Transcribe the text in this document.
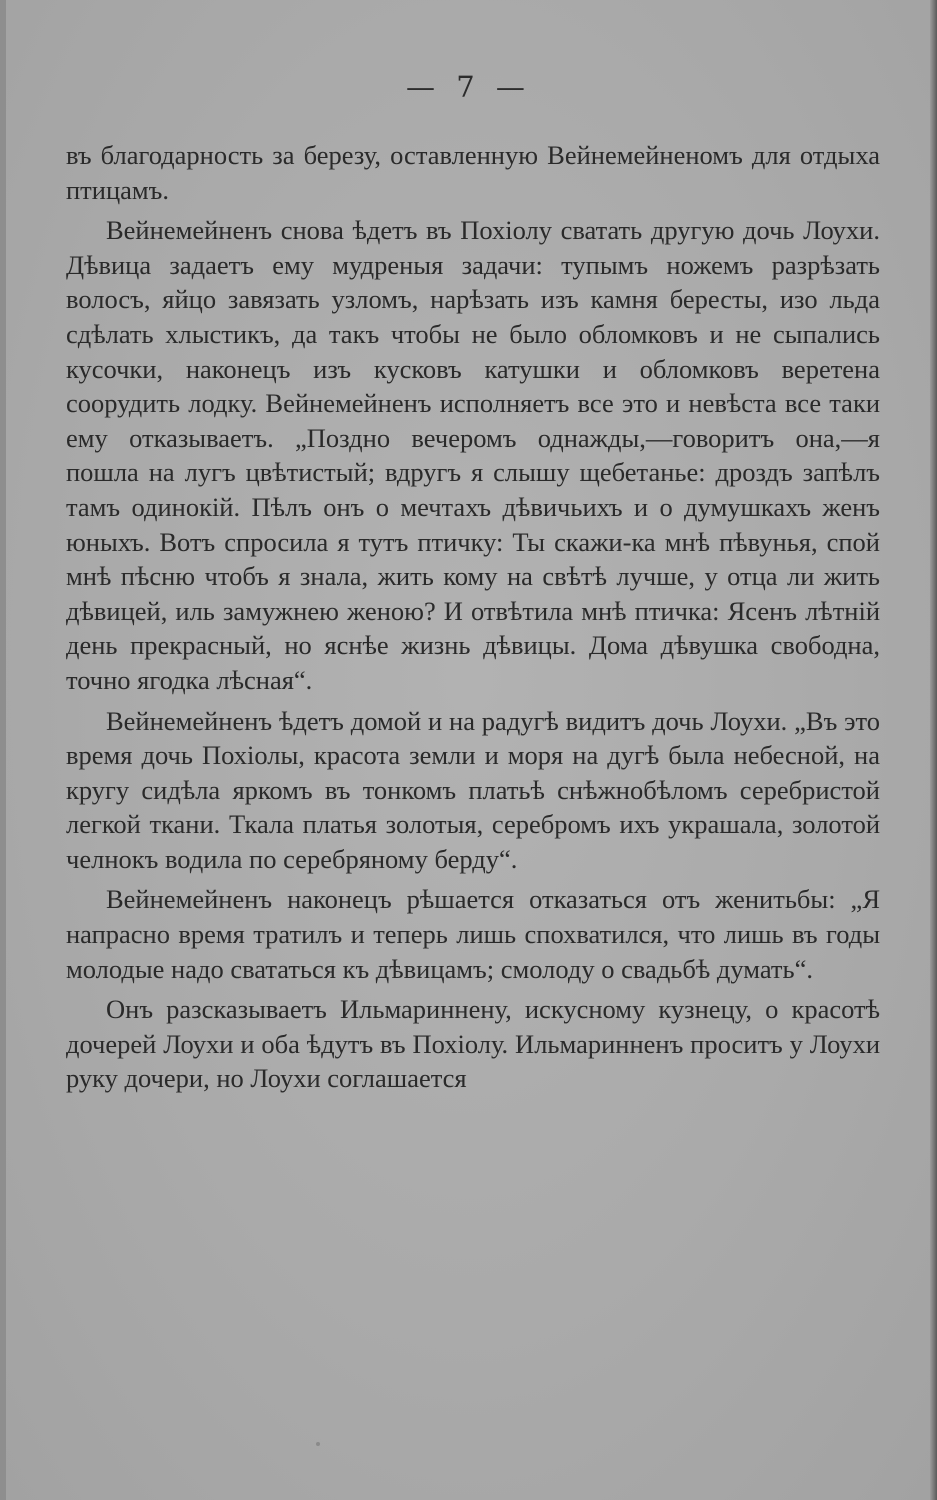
— 7 —

въ благодарность за березу, оставленную Вейнемейненомъ для отдыха птицамъ.

Вейнемейненъ снова ѣдетъ въ Похіолу сватать другую дочь Лоухи. Дѣвица задаетъ ему мудреныя задачи: тупымъ ножемъ разрѣзать волосъ, яйцо завязать узломъ, нарѣзать изъ камня бересты, изо льда сдѣлать хлыстикъ, да такъ чтобы не было обломковъ и не сыпались кусочки, наконецъ изъ кусковъ катушки и обломковъ веретена соорудить лодку. Вейнемейненъ исполняетъ все это и невѣста все таки ему отказываетъ. „Поздно вечеромъ однажды,—говоритъ она,—я пошла на лугъ цвѣтистый; вдругъ я слышу щебетанье: дроздъ запѣлъ тамъ одинокій. Пѣлъ онъ о мечтахъ дѣвичьихъ и о думушкахъ женъ юныхъ. Вотъ спросила я тутъ птичку: Ты скажи-ка мнѣ пѣвунья, спой мнѣ пѣсню чтобъ я знала, жить кому на свѣтѣ лучше, у отца ли жить дѣвицей, иль замужнею женою? И отвѣтила мнѣ птичка: Ясенъ лѣтній день прекрасный, но яснѣе жизнь дѣвицы. Дома дѣвушка свободна, точно ягодка лѣсная“.

Вейнемейненъ ѣдетъ домой и на радугѣ видитъ дочь Лоухи. „Въ это время дочь Похіолы, красота земли и моря на дугѣ была небесной, на кругу сидѣла яркомъ въ тонкомъ платьѣ снѣжнобѣломъ серебристой легкой ткани. Ткала платья золотыя, серебромъ ихъ украшала, золотой челнокъ водила по серебряному берду“.

Вейнемейненъ наконецъ рѣшается отказаться отъ женитьбы: „Я напрасно время тратилъ и теперь лишь спохватился, что лишь въ годы молодые надо свататься къ дѣвицамъ; смолоду о свадьбѣ думать“.

Онъ разсказываетъ Ильмариннену, искусному кузнецу, о красотѣ дочерей Лоухи и оба ѣдутъ въ Похіолу. Ильмаринненъ проситъ у Лоухи руку дочери, но Лоухи соглашается
